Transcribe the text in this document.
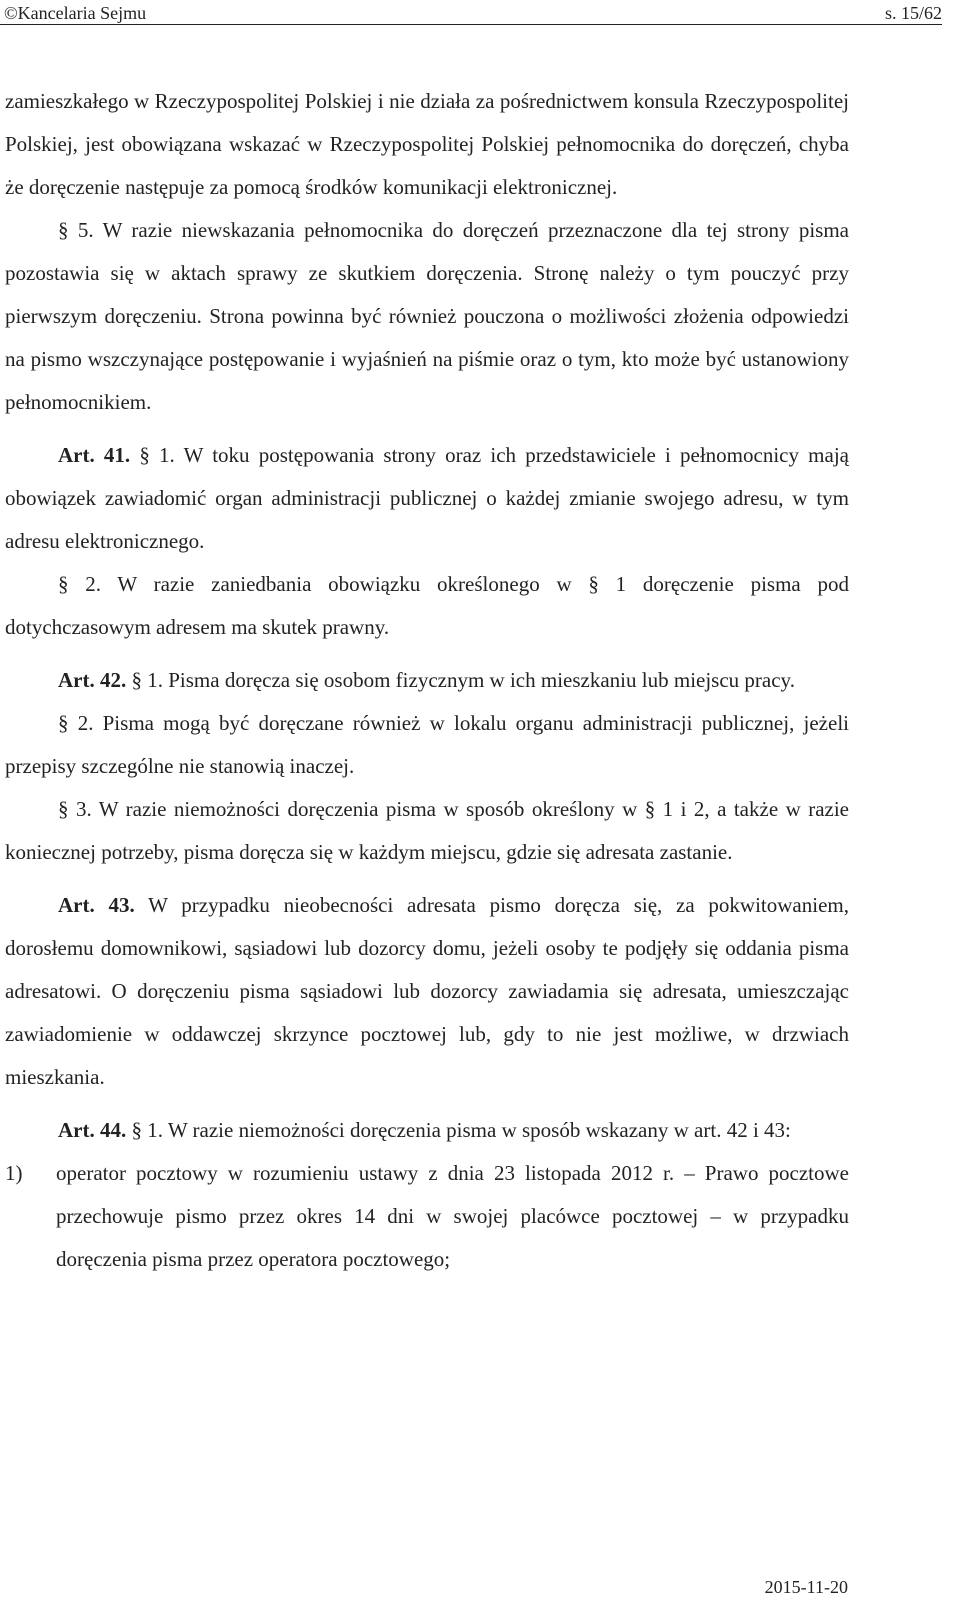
©Kancelaria Sejmu	s. 15/62

zamieszkałego w Rzeczypospolitej Polskiej i nie działa za pośrednictwem konsula Rzeczypospolitej Polskiej, jest obowiązana wskazać w Rzeczypospolitej Polskiej pełnomocnika do doręczeń, chyba że doręczenie następuje za pomocą środków komunikacji elektronicznej.

§ 5. W razie niewskazania pełnomocnika do doręczeń przeznaczone dla tej strony pisma pozostawia się w aktach sprawy ze skutkiem doręczenia. Stronę należy o tym pouczyć przy pierwszym doręczeniu. Strona powinna być również pouczona o możliwości złożenia odpowiedzi na pismo wszczynające postępowanie i wyjaśnień na piśmie oraz o tym, kto może być ustanowiony pełnomocnikiem.

Art. 41. § 1. W toku postępowania strony oraz ich przedstawiciele i pełnomocnicy mają obowiązek zawiadomić organ administracji publicznej o każdej zmianie swojego adresu, w tym adresu elektronicznego.

§ 2. W razie zaniedbania obowiązku określonego w § 1 doręczenie pisma pod dotychczasowym adresem ma skutek prawny.

Art. 42. § 1. Pisma doręcza się osobom fizycznym w ich mieszkaniu lub miejscu pracy.

§ 2. Pisma mogą być doręczane również w lokalu organu administracji publicznej, jeżeli przepisy szczególne nie stanowią inaczej.

§ 3. W razie niemożności doręczenia pisma w sposób określony w § 1 i 2, a także w razie koniecznej potrzeby, pisma doręcza się w każdym miejscu, gdzie się adresata zastanie.

Art. 43. W przypadku nieobecności adresata pismo doręcza się, za pokwitowaniem, dorosłemu domownikowi, sąsiadowi lub dozorcy domu, jeżeli osoby te podjęły się oddania pisma adresatowi. O doręczeniu pisma sąsiadowi lub dozorcy zawiadamia się adresata, umieszczając zawiadomienie w oddawczej skrzynce pocztowej lub, gdy to nie jest możliwe, w drzwiach mieszkania.

Art. 44. § 1. W razie niemożności doręczenia pisma w sposób wskazany w art. 42 i 43:

1) operator pocztowy w rozumieniu ustawy z dnia 23 listopada 2012 r. – Prawo pocztowe przechowuje pismo przez okres 14 dni w swojej placówce pocztowej – w przypadku doręczenia pisma przez operatora pocztowego;
2015-11-20
